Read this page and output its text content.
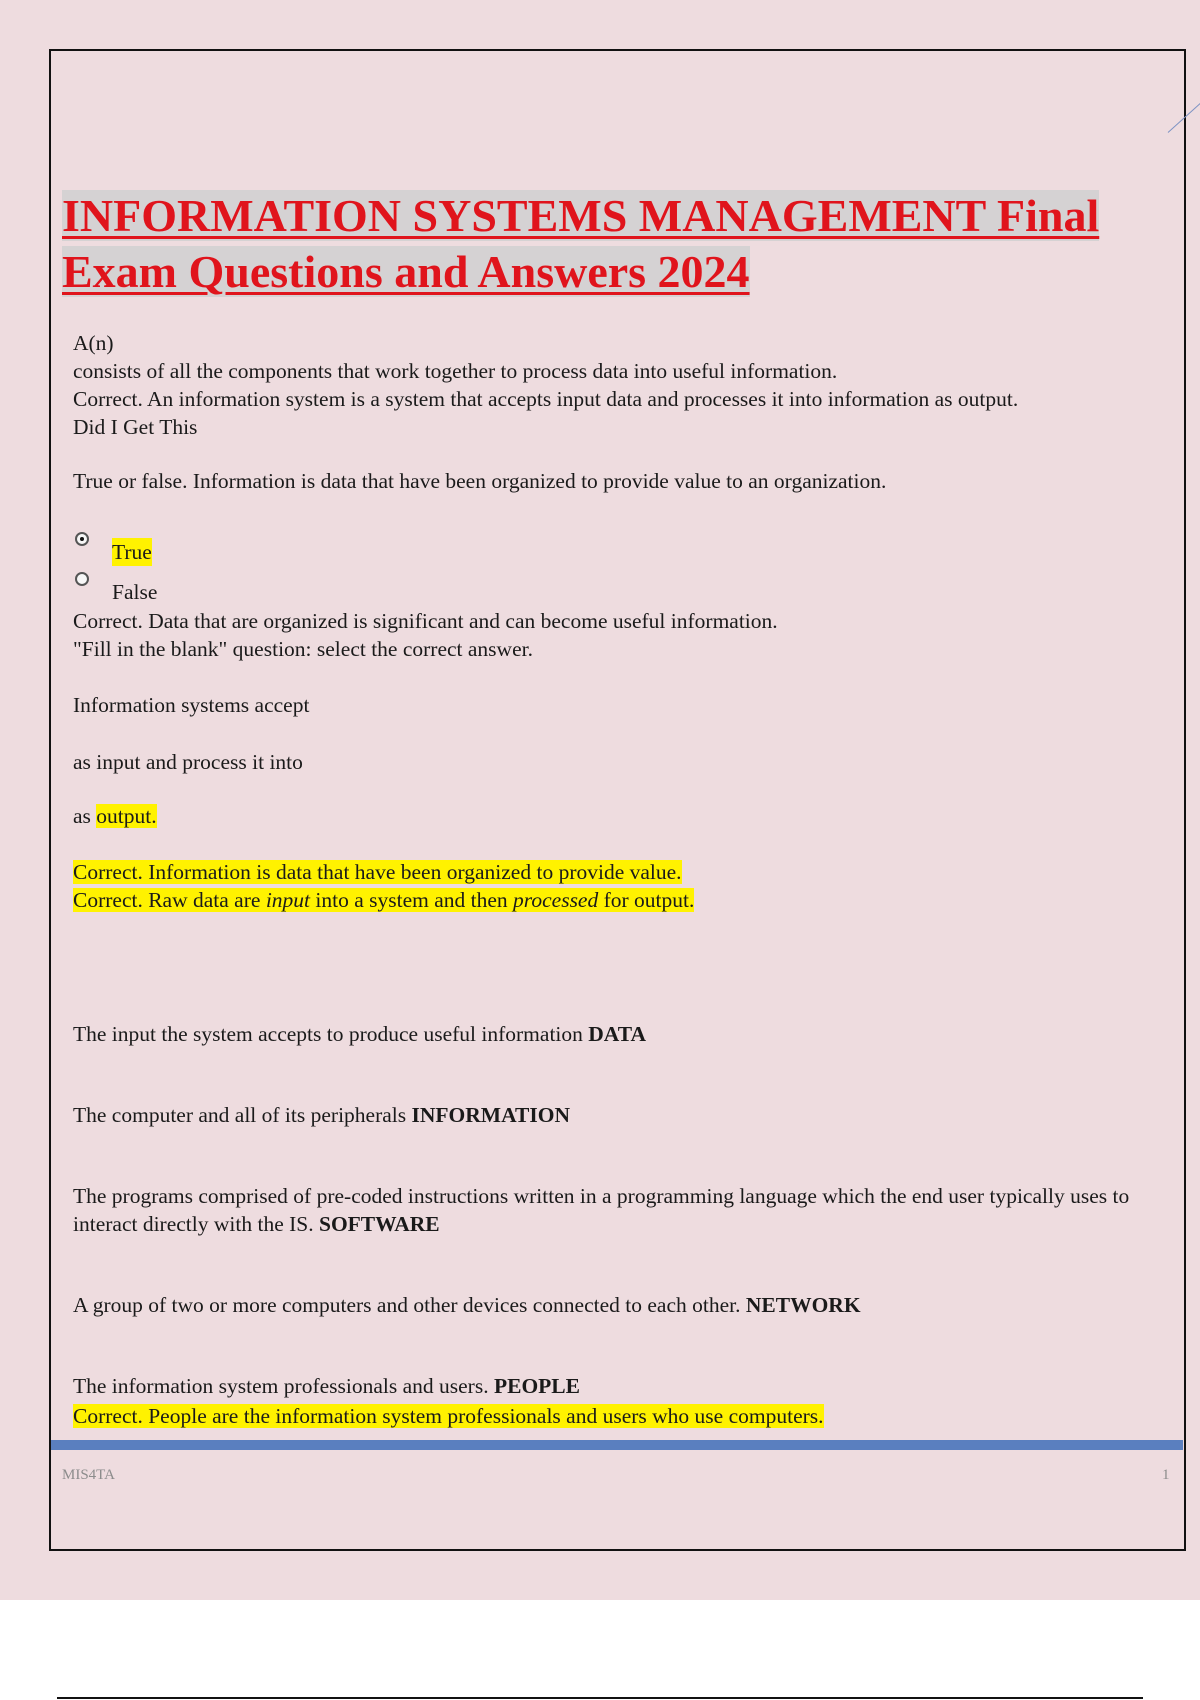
INFORMATION SYSTEMS MANAGEMENT Final Exam Questions and Answers 2024

A(n)

consists of all the components that work together to process data into useful information.

Correct. An information system is a system that accepts input data and processes it into information as output.

Did I Get This

True or false. Information is data that have been organized to provide value to an organization.

True
False

Correct. Data that are organized is significant and can become useful information.

"Fill in the blank" question: select the correct answer.

Information systems accept

as input and process it into

as output.

Correct. Information is data that have been organized to provide value.

Correct. Raw data are input into a system and then processed for output.

The input the system accepts to produce useful information DATA

The computer and all of its peripherals INFORMATION

The programs comprised of pre-coded instructions written in a programming language which the end user typically uses to interact directly with the IS. SOFTWARE

A group of two or more computers and other devices connected to each other. NETWORK

The information system professionals and users. PEOPLE

Correct. People are the information system professionals and users who use computers.

MIS4TA	1
